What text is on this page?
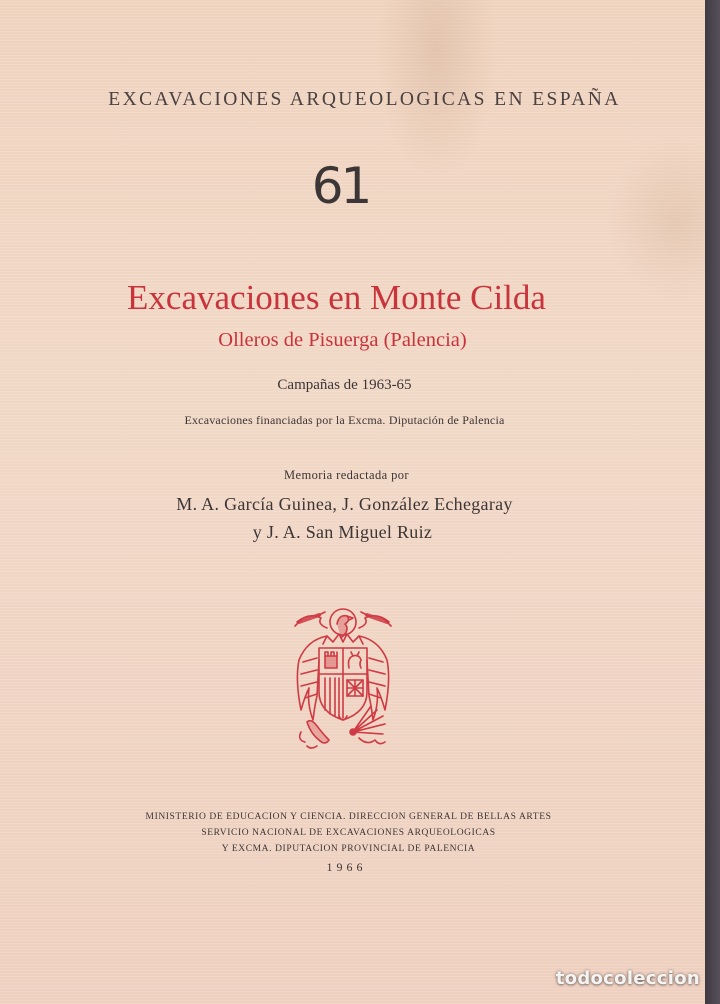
EXCAVACIONES ARQUEOLOGICAS EN ESPAÑA
61
Excavaciones en Monte Cilda
Olleros de Pisuerga (Palencia)
Campañas de 1963-65
Excavaciones financiadas por la Excma. Diputación de Palencia
Memoria redactada por
M. A. García Guinea, J. González Echegaray
y J. A. San Miguel Ruiz
MINISTERIO DE EDUCACION Y CIENCIA. DIRECCION GENERAL DE BELLAS ARTES
SERVICIO NACIONAL DE EXCAVACIONES ARQUEOLOGICAS
Y EXCMA. DIPUTACION PROVINCIAL DE PALENCIA
1966
todocoleccion
